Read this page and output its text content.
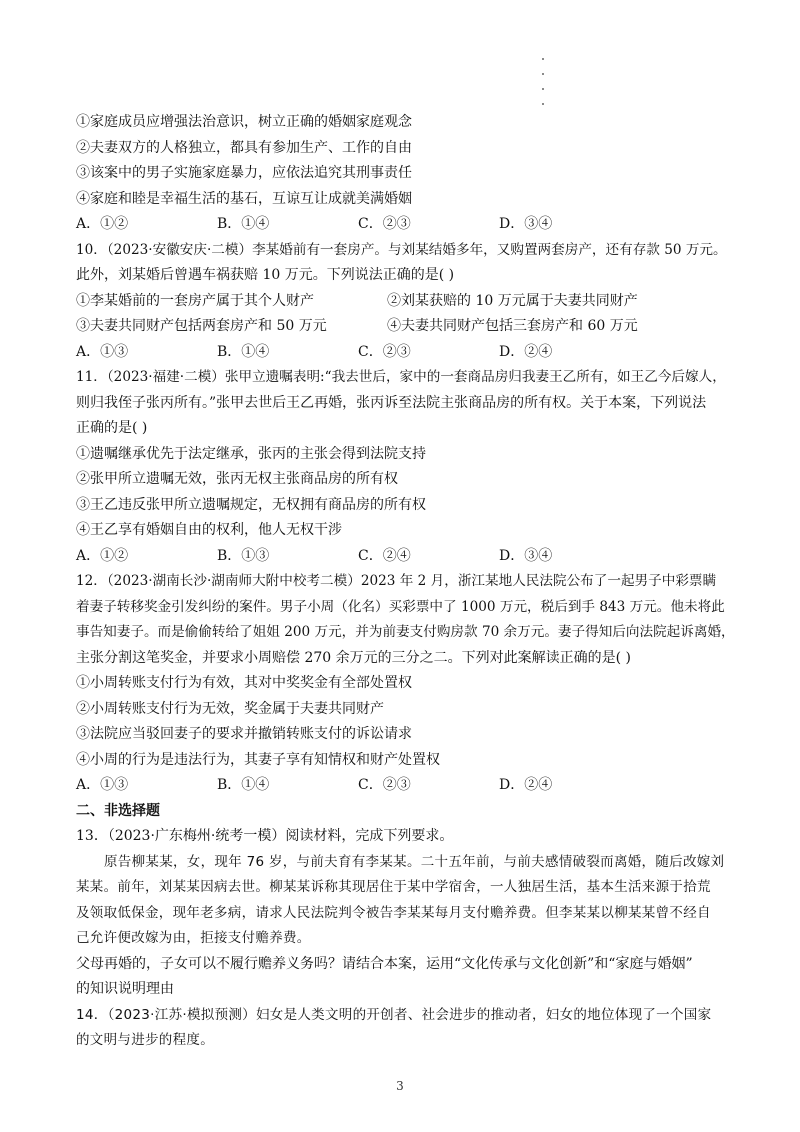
①家庭成员应增强法治意识，树立正确的婚姻家庭观念
②夫妻双方的人格独立，都具有参加生产、工作的自由
③该案中的男子实施家庭暴力，应依法追究其刑事责任
④家庭和睦是幸福生活的基石，互谅互让成就美满婚姻
A．①②	B．①④	C．②③	D．③④
10．（2023·安徽安庆·二模）李某婚前有一套房产。与刘某结婚多年，又购置两套房产，还有存款 50 万元。
此外，刘某婚后曾遇车祸获赔 10 万元。下列说法正确的是( )
①李某婚前的一套房产属于其个人财产	②刘某获赔的 10 万元属于夫妻共同财产
③夫妻共同财产包括两套房产和 50 万元	④夫妻共同财产包括三套房产和 60 万元
A．①③	B．①④	C．②③	D．②④
11．（2023·福建·二模）张甲立遗嘱表明:“我去世后，家中的一套商品房归我妻王乙所有，如王乙今后嫁人，
则归我侄子张丙所有。”张甲去世后王乙再婚，张丙诉至法院主张商品房的所有权。关于本案，下列说法
正确的是( )
①遗嘱继承优先于法定继承，张丙的主张会得到法院支持
②张甲所立遗嘱无效，张丙无权主张商品房的所有权
③王乙违反张甲所立遗嘱规定，无权拥有商品房的所有权
④王乙享有婚姻自由的权利，他人无权干涉
A．①②	B．①③	C．②④	D．③④
12．（2023·湖南长沙·湖南师大附中校考二模）2023 年 2 月，浙江某地人民法院公布了一起男子中彩票瞒
着妻子转移奖金引发纠纷的案件。男子小周（化名）买彩票中了 1000 万元，税后到手 843 万元。他未将此
事告知妻子。而是偷偷转给了姐姐 200 万元，并为前妻支付购房款 70 余万元。妻子得知后向法院起诉离婚，
主张分割这笔奖金，并要求小周赔偿 270 余万元的三分之二。下列对此案解读正确的是( )
①小周转账支付行为有效，其对中奖奖金有全部处置权
②小周转账支付行为无效，奖金属于夫妻共同财产
③法院应当驳回妻子的要求并撤销转账支付的诉讼请求
④小周的行为是违法行为，其妻子享有知情权和财产处置权
A．①③	B．①④	C．②③	D．②④
二、非选择题
13．（2023·广东梅州·统考一模）阅读材料，完成下列要求。
原告柳某某，女，现年 76 岁，与前夫育有李某某。二十五年前，与前夫感情破裂而离婚，随后改嫁刘
某某。前年，刘某某因病去世。柳某某诉称其现居住于某中学宿舍，一人独居生活，基本生活来源于拾荒
及领取低保金，现年老多病，请求人民法院判令被告李某某每月支付赡养费。但李某某以柳某某曾不经自
己允许便改嫁为由，拒接支付赡养费。
父母再婚的，子女可以不履行赡养义务吗？请结合本案，运用“文化传承与文化创新”和“家庭与婚姻”
的知识说明理由
14．（2023·江苏·模拟预测）妇女是人类文明的开创者、社会进步的推动者，妇女的地位体现了一个国家
的文明与进步的程度。
3
